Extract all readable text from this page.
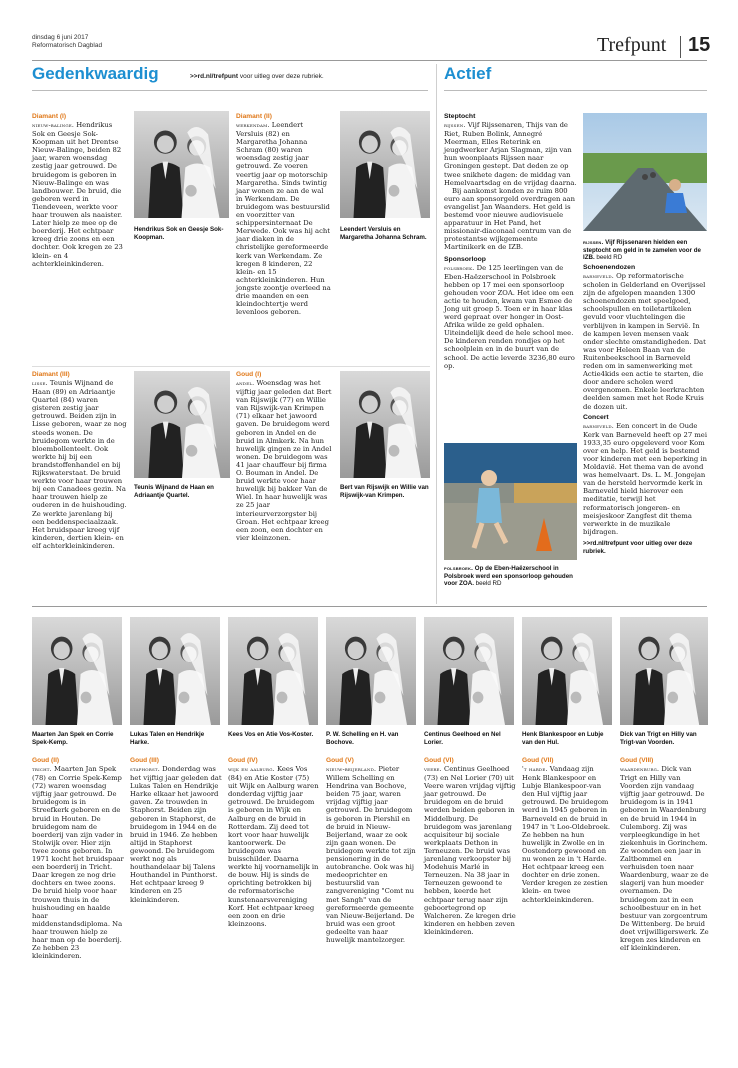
dinsdag 6 juni 2017
Reformatorisch Dagblad	Trefpunt 15
Gedenkwaardig	>>rd.nl/trefpunt voor uitleg over deze rubriek.	Actief
Diamant (I)

nieuw-balinge. Hendrikus Sok en Geesje Sok-Koopman uit het Drentse Nieuw-Balinge, beiden 82 jaar, waren woensdag zestig jaar getrouwd. De bruidegom is geboren in Nieuw-Balinge en was landbouwer. De bruid, die geboren werd in Tiendeveen, werkte voor haar trouwen als naaister. Later hielp ze mee op de boerderij. Het echtpaar kreeg drie zoons en een dochter. Ook kregen ze 23 klein- en 4 achterkleinkinderen.

Hendrikus Sok en Geesje Sok-Koopman.
Diamant (II)

werkendam. Leendert Versluis (82) en Margaretha Johanna Schram (80) waren woensdag zestig jaar getrouwd. Ze voeren veertig jaar op motorschip Margaretha. Sinds twintig jaar wonen ze aan de wal in Werkendam. De bruidegom was bestuurslid en voorzitter van schippersinternaat De Merwede. Ook was hij acht jaar diaken in de christelijke gereformeerde kerk van Werkendam. Ze kregen 8 kinderen, 22 klein- en 15 achterkleinkinderen. Hun jongste zoontje overleed na drie maanden en een kleindochtertje werd levenloos geboren.

Leendert Versluis en Margaretha Johanna Schram.
Diamant (III)

lisse. Teunis Wijnand de Haan (89) en Adriaantje Quartel (84) waren gisteren zestig jaar getrouwd. Beiden zijn in Lisse geboren, waar ze nog steeds wonen. De bruidegom werkte in de bloembollenteelt. Ook werkte hij bij een brandstoffenhandel en bij Rijkswaterstaat. De bruid werkte voor haar trouwen bij een Canadees gezin. Na haar trouwen hielp ze ouderen in de huishouding. Ze werkte jarenlang bij een beddenspeciaalzaak. Het bruidspaar kreeg vijf kinderen, dertien klein- en elf achterkleinkinderen.

Teunis Wijnand de Haan en Adriaantje Quartel.
Goud (I)

andel. Woensdag was het vijftig jaar geleden dat Bert van Rijswijk (77) en Willie van Rijswijk-van Krimpen (71) elkaar het jawoord gaven. De bruidegom werd geboren in Andel en de bruid in Almkerk. Na hun huwelijk gingen ze in Andel wonen. De bruidegom was 41 jaar chauffeur bij firma O. Bouman in Andel. De bruid werkte voor haar huwelijk bij bakker Van de Wiel. In haar huwelijk was ze 25 jaar interieurverzorgster bij Groan. Het echtpaar kreeg een zoon, een dochter en vier kleinzonen.

Bert van Rijswijk en Willie van Rijswijk-van Krimpen.
Steptocht

rijssen. Vijf Rijssenaren, Thijs van de Riet, Ruben Bolink, Annegré Meerman, Elles Reterink en jeugdwerker Arjan Slagman, zijn van hun woonplaats Rijssen naar Groningen gestept. Dat deden ze op twee snikhete dagen: de middag van Hemelvaartsdag en de vrijdag daarna.

Bij aankomst konden ze ruim 800 euro aan sponsorgeld overdragen aan evangelist Jan Waanders. Het geld is bestemd voor nieuwe audiovisuele apparatuur in Het Pand, het missionair-diaconaal centrum van de protestantse wijkgemeente Martinikerk en de IZB.

Sponsorloop

polsbroek. De 125 leerlingen van de Eben-Haëzerschool in Polsbroek hebben op 17 mei een sponsorloop gehouden voor ZOA. Het idee om een actie te houden, kwam van Esmee de Jong uit groep 5. Toen er in haar klas werd gepraat over honger in Oost-Afrika wilde ze geld ophalen. Uiteindelijk deed de hele school mee. De kinderen renden rondjes op het schoolplein en in de buurt van de school. De actie leverde 3236,80 euro op.

polsbroek. Op de Eben-Haëzerschool in Polsbroek werd een sponsorloop gehouden voor ZOA. beeld RD
rijssen. Vijf Rijssenaren hielden een steptocht om geld in te zamelen voor de IZB. beeld RD
Schoenendozen

barneveld. Op reformatorische scholen in Gelderland en Overijssel zijn de afgelopen maanden 1300 schoenendozen met speelgoed, schoolspullen en toiletartikelen gevuld voor vluchtelingen die verblijven in kampen in Servië. In de kampen leven mensen vaak onder slechte omstandigheden. Dat was voor Heleen Baan van de Ruitenbeekschool in Barneveld reden om in samenwerking met Actie4kids een actie te starten, die door andere scholen werd overgenomen. Enkele leerkrachten deelden samen met het Rode Kruis de dozen uit.

Concert

barneveld. Een concert in de Oude Kerk van Barneveld heeft op 27 mei 1933,35 euro opgeleverd voor Kom over en help. Het geld is bestemd voor kinderen met een beperking in Moldavië. Het thema van de avond was hemelvaart. Ds. L. M. Jongejan van de hersteld hervormde kerk in Barneveld hield hierover een meditatie, terwijl het reformatorisch jongeren- en meisjeskoor Zangfest dit thema verwerkte in de muzikale bijdragen.

>>rd.nl/trefpunt voor uitleg over deze rubriek.
Maarten Jan Spek en Corrie Spek-Kemp.
Lukas Talen en Hendrikje Harke.
Kees Vos en Atie Vos-Koster.	P. W. Schelling en H. van Bochove.
Centinus Geelhoed en Nel Lorier.
Henk Blankespoor en Lubje van den Hul.
Dick van Trigt en Hilly van Trigt-van Voorden.
Goud (II)

tricht. Maarten Jan Spek (78) en Corrie Spek-Kemp (72) waren woensdag vijftig jaar getrouwd. De bruidegom is in Streefkerk geboren en de bruid in Houten. De bruidegom nam de boerderij van zijn vader in Stolwijk over. Hier zijn twee zoons geboren. In 1971 kocht het bruidspaar een boerderij in Tricht. Daar kregen ze nog drie dochters en twee zoons. De bruid hielp voor haar trouwen thuis in de huishouding en haalde haar middenstandsdiploma. Na haar trouwen hielp ze haar man op de boerderij. Ze hebben 23 kleinkinderen.

Goud (III)

staphorst. Donderdag was het vijftig jaar geleden dat Lukas Talen en Hendrikje Harke elkaar het jawoord gaven. Ze trouwden in Staphorst. Beiden zijn geboren in Staphorst, de bruidegom in 1944 en de bruid in 1946. Ze hebben altijd in Staphorst gewoond. De bruidegom werkt nog als houthandelaar bij Talens Houthandel in Punthorst. Het echtpaar kreeg 9 kinderen en 25 kleinkinderen.

Goud (IV)

wijk en aalburg. Kees Vos (84) en Atie Koster (75) uit Wijk en Aalburg waren donderdag vijftig jaar getrouwd. De bruidegom is geboren in Wijk en Aalburg en de bruid in Rotterdam. Zij deed tot kort voor haar huwelijk kantoorwerk. De bruidegom was buisschilder. Daarna werkte hij voornamelijk in de bouw. Hij is sinds de oprichting betrokken bij de reformatorische kunstenaarsvereniging Korf. Het echtpaar kreeg een zoon en drie kleinzoons.

Goud (V)

nieuw-beijerland. Pieter Willem Schelling en Hendrina van Bochove, beiden 75 jaar, waren vrijdag vijftig jaar getrouwd. De bruidegom is geboren in Piershil en de bruid in Nieuw-Beijerland, waar ze ook zijn gaan wonen. De bruidegom werkte tot zijn pensionering in de autobranche. Ook was hij medeoprichter en bestuurslid van zangvereniging "Comt nu met Sangh" van de gereformeerde gemeente van Nieuw-Beijerland. De bruid was een groot gedeelte van haar huwelijk mantelzorger.

Goud (VI)

veere. Centinus Geelhoed (73) en Nel Lorier (70) uit Veere waren vrijdag vijftig jaar getrouwd. De bruidegom en de bruid werden beiden geboren in Middelburg. De bruidegom was jarenlang acquisiteur bij sociale werkplaats Dethon in Terneuzen. De bruid was jarenlang verkoopster bij Modehuis Marlé in Terneuzen. Na 38 jaar in Terneuzen gewoond te hebben, keerde het echtpaar terug naar zijn geboortegrond op Walcheren. Ze kregen drie kinderen en hebben zeven kleinkinderen.

Goud (VII)

't harde. Vandaag zijn Henk Blankespoor en Lubje Blankespoor-van den Hul vijftig jaar getrouwd. De bruidegom werd in 1945 geboren in Barneveld en de bruid in 1947 in 't Loo-Oldebroek. Ze hebben na hun huwelijk in Zwolle en in Oostendorp gewoond en nu wonen ze in 't Harde. Het echtpaar kreeg een dochter en drie zonen. Verder kregen ze zestien klein- en twee achterkleinkinderen.

Goud (VIII)

waardenburg. Dick van Trigt en Hilly van Voorden zijn vandaag vijftig jaar getrouwd. De bruidegom is in 1941 geboren in Waardenburg en de bruid in 1944 in Culemborg. Zij was verpleegkundige in het ziekenhuis in Gorinchem. Ze woonden een jaar in Zaltbommel en verhuisden toen naar Waardenburg, waar ze de slagerij van hun moeder overnamen. De bruidegom zat in een schoolbestuur en in het bestuur van zorgcentrum De Wittenberg. De bruid doet vrijwilligerswerk. Ze kregen zes kinderen en elf kleinkinderen.
